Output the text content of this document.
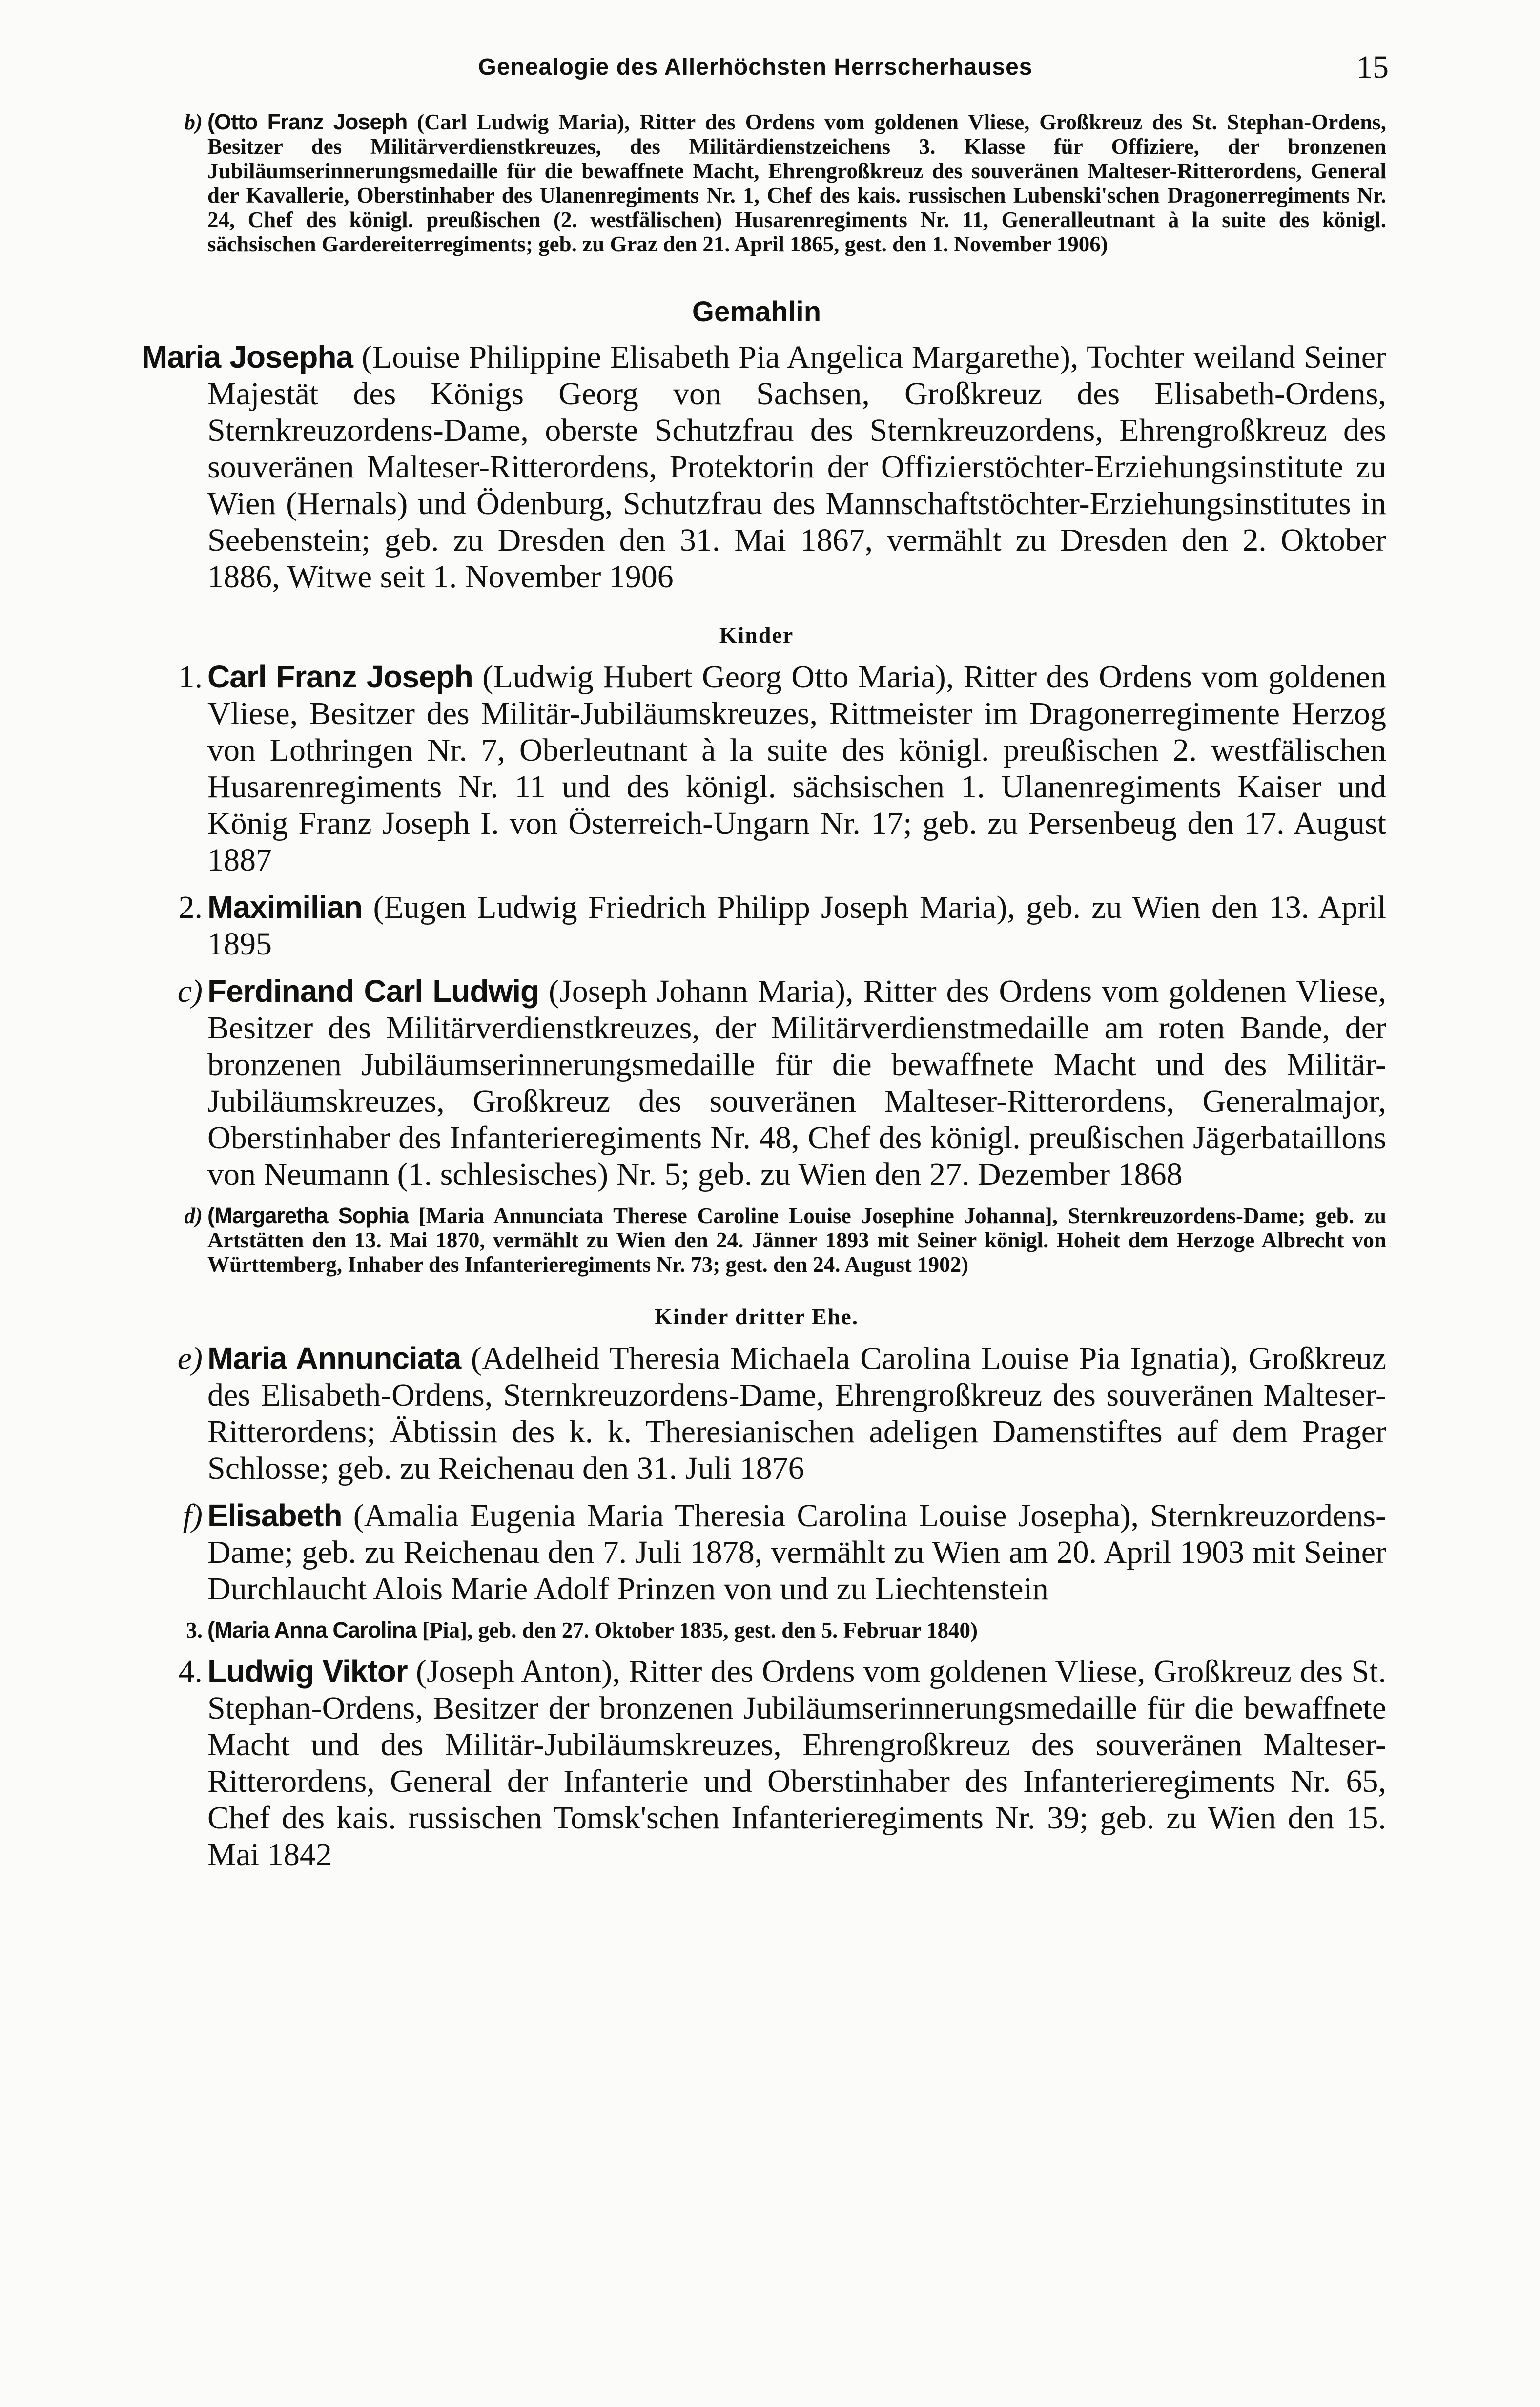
Genealogie des Allerhöchsten Herrscherhauses	15
b) (Otto Franz Joseph (Carl Ludwig Maria), Ritter des Ordens vom goldenen Vliese, Großkreuz des St. Stephan-Ordens, Besitzer des Militärverdienstkreuzes, des Militärdienstzeichens 3. Klasse für Offiziere, der bronzenen Jubiläumserinnerungsmedaille für die bewaffnete Macht, Ehrengroßkreuz des souveränen Malteser-Ritterordens, General der Kavallerie, Oberstinhaber des Ulanenregiments Nr. 1, Chef des kais. russischen Lubenski'schen Dragonerregiments Nr. 24, Chef des königl. preußischen (2. westfälischen) Husarenregiments Nr. 11, Generalleutnant à la suite des königl. sächsischen Gardereiterregiments; geb. zu Graz den 21. April 1865, gest. den 1. November 1906)
Gemahlin
Maria Josepha (Louise Philippine Elisabeth Pia Angelica Margarethe), Tochter weiland Seiner Majestät des Königs Georg von Sachsen, Großkreuz des Elisabeth-Ordens, Sternkreuzordens-Dame, oberste Schutzfrau des Sternkreuzordens, Ehrengroßkreuz des souveränen Malteser-Ritterordens, Protektorin der Offizierstöchter-Erziehungsinstitute zu Wien (Hernals) und Ödenburg, Schutzfrau des Mannschaftstöchter-Erziehungsinstitutes in Seebenstein; geb. zu Dresden den 31. Mai 1867, vermählt zu Dresden den 2. Oktober 1886, Witwe seit 1. November 1906
Kinder
1. Carl Franz Joseph (Ludwig Hubert Georg Otto Maria), Ritter des Ordens vom goldenen Vliese, Besitzer des Militär-Jubiläumskreuzes, Rittmeister im Dragonerregimente Herzog von Lothringen Nr. 7, Oberleutnant à la suite des königl. preußischen 2. westfälischen Husarenregiments Nr. 11 und des königl. sächsischen 1. Ulanenregiments Kaiser und König Franz Joseph I. von Österreich-Ungarn Nr. 17; geb. zu Persenbeug den 17. August 1887
2. Maximilian (Eugen Ludwig Friedrich Philipp Joseph Maria), geb. zu Wien den 13. April 1895
c) Ferdinand Carl Ludwig (Joseph Johann Maria), Ritter des Ordens vom goldenen Vliese, Besitzer des Militärverdienstkreuzes, der Militärverdienstmedaille am roten Bande, der bronzenen Jubiläumserinnerungsmedaille für die bewaffnete Macht und des Militär-Jubiläumskreuzes, Großkreuz des souveränen Malteser-Ritterordens, Generalmajor, Oberstinhaber des Infanterieregiments Nr. 48, Chef des königl. preußischen Jägerbataillons von Neumann (1. schlesisches) Nr. 5; geb. zu Wien den 27. Dezember 1868
d) (Margaretha Sophia [Maria Annunciata Therese Caroline Louise Josephine Johanna], Sternkreuzordens-Dame; geb. zu Artstätten den 13. Mai 1870, vermählt zu Wien den 24. Jänner 1893 mit Seiner königl. Hoheit dem Herzoge Albrecht von Württemberg, Inhaber des Infanterieregiments Nr. 73; gest. den 24. August 1902)
Kinder dritter Ehe.
e) Maria Annunciata (Adelheid Theresia Michaela Carolina Louise Pia Ignatia), Großkreuz des Elisabeth-Ordens, Sternkreuzordens-Dame, Ehrengroßkreuz des souveränen Malteser-Ritterordens; Äbtissin des k. k. Theresianischen adeligen Damenstiftes auf dem Prager Schlosse; geb. zu Reichenau den 31. Juli 1876
f) Elisabeth (Amalia Eugenia Maria Theresia Carolina Louise Josepha), Sternkreuzordens-Dame; geb. zu Reichenau den 7. Juli 1878, vermählt zu Wien am 20. April 1903 mit Seiner Durchlaucht Alois Marie Adolf Prinzen von und zu Liechtenstein
3. (Maria Anna Carolina [Pia], geb. den 27. Oktober 1835, gest. den 5. Februar 1840)
4. Ludwig Viktor (Joseph Anton), Ritter des Ordens vom goldenen Vliese, Großkreuz des St. Stephan-Ordens, Besitzer der bronzenen Jubiläumserinnerungsmedaille für die bewaffnete Macht und des Militär-Jubiläumskreuzes, Ehrengroßkreuz des souveränen Malteser-Ritterordens, General der Infanterie und Oberstinhaber des Infanterieregiments Nr. 65, Chef des kais. russischen Tomsk'schen Infanterieregiments Nr. 39; geb. zu Wien den 15. Mai 1842
